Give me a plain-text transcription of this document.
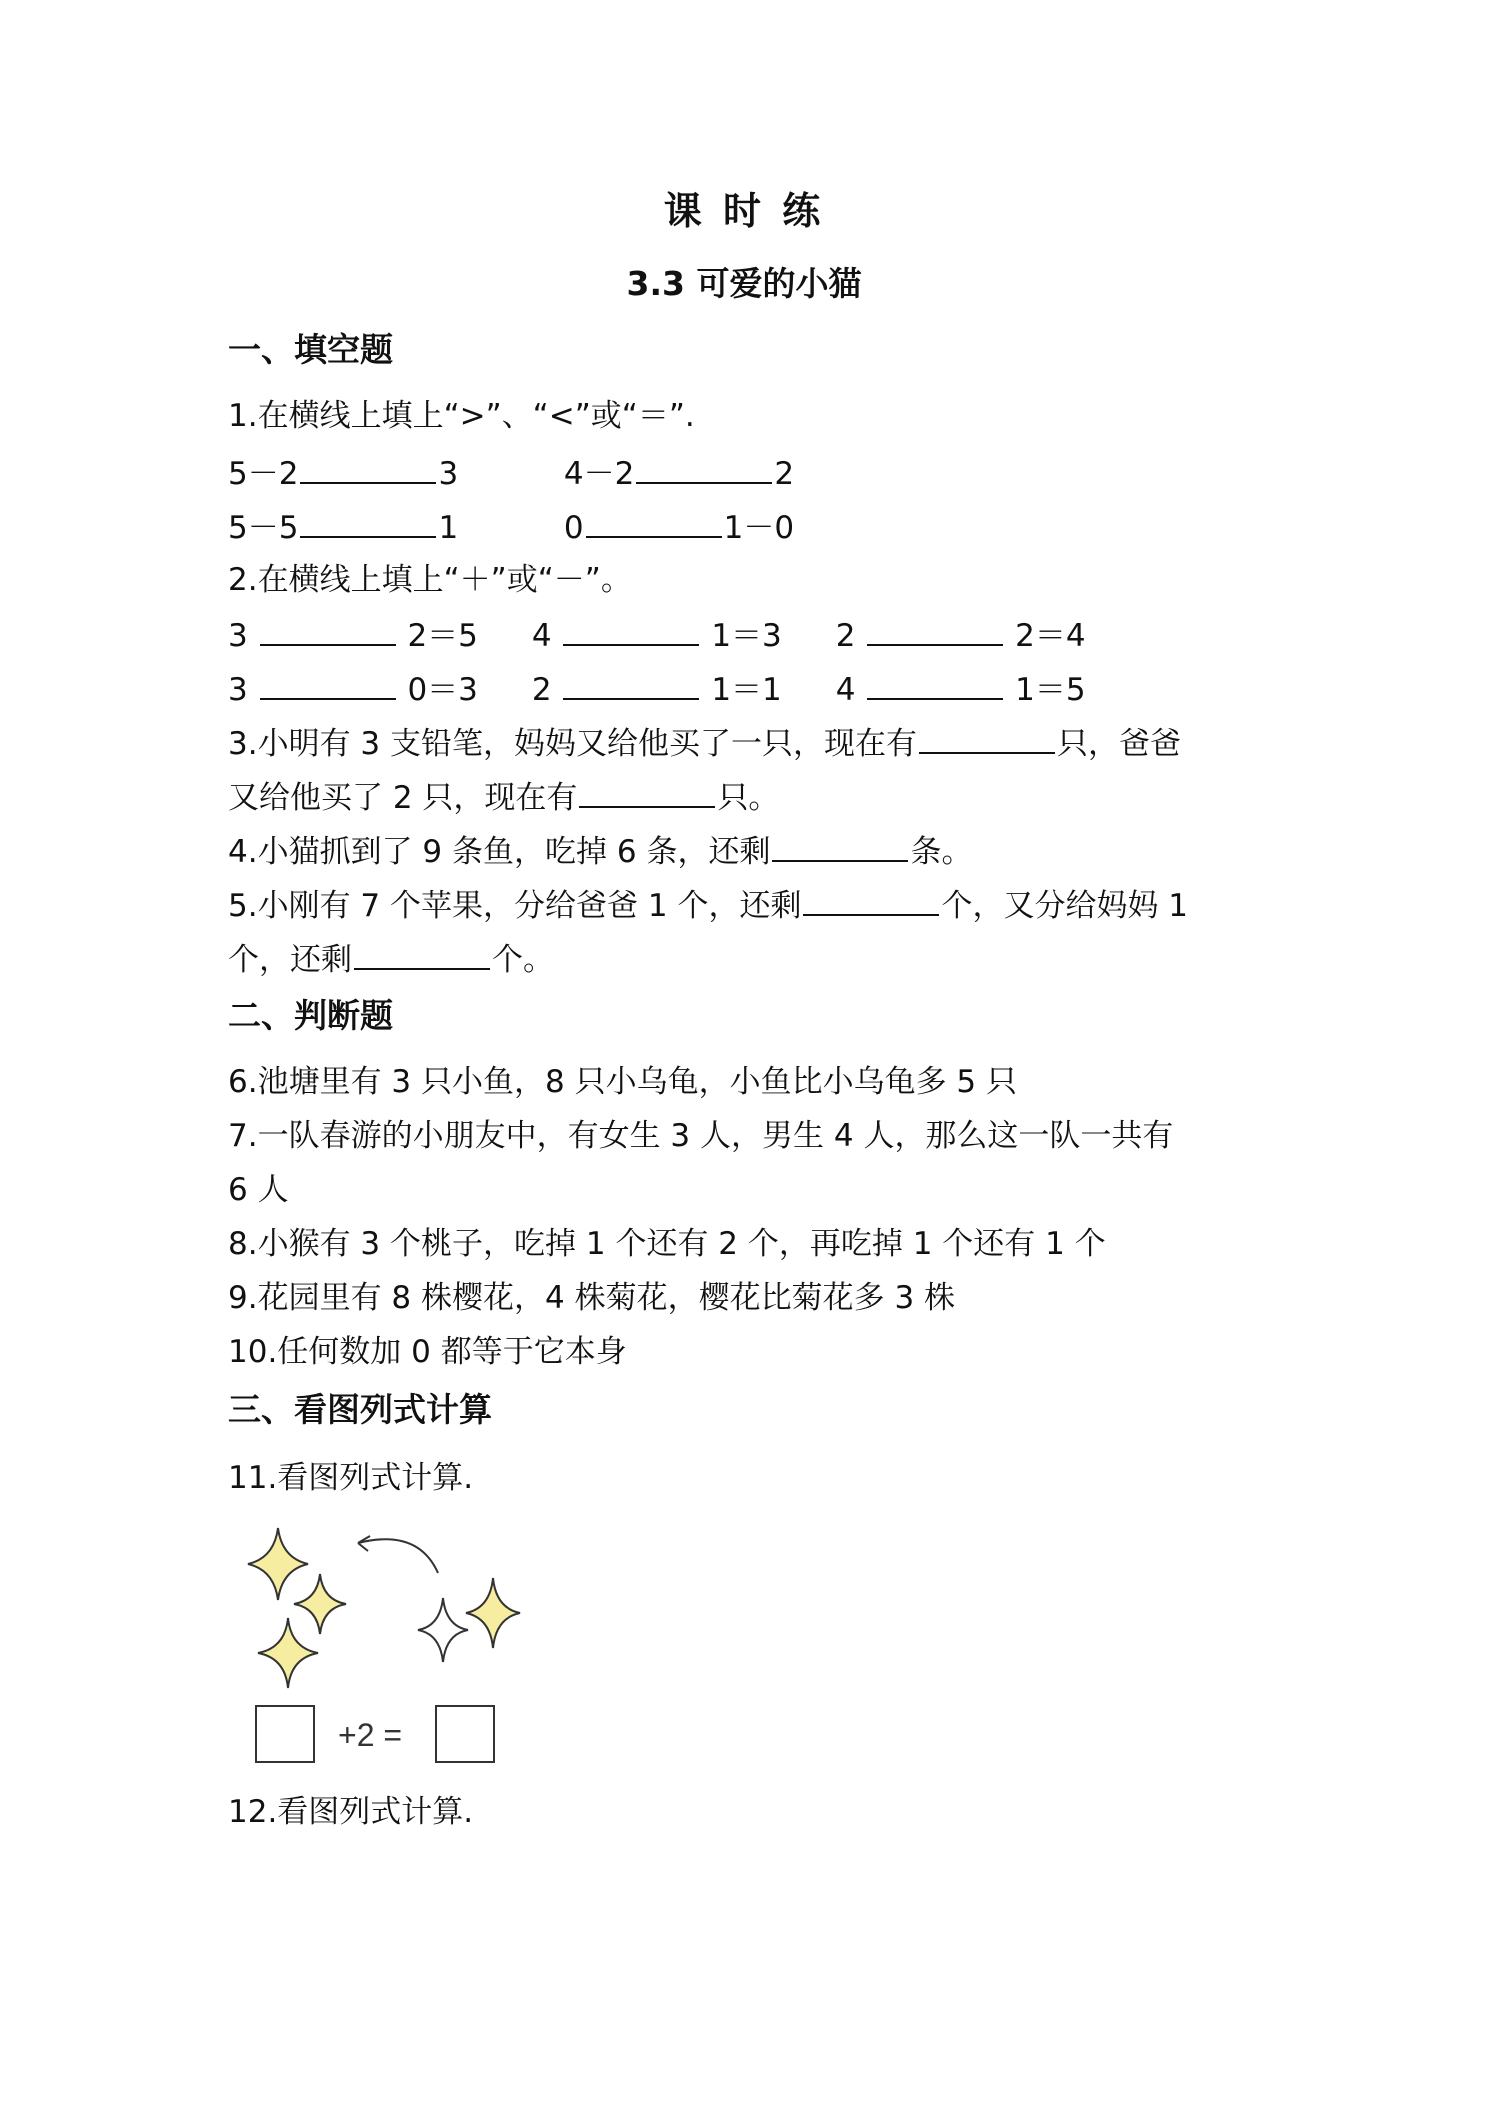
课 时 练
3.3 可爱的小猫
一、填空题
1.在横线上填上“>”、“<”或“＝”.
5－2	3	4－2	2
5－5	1	0	1－0
2.在横线上填上“＋”或“－”。
3	2＝5 4	1＝3 2	2＝4
3	0＝3 2	1＝1 4	1＝5
3.小明有 3 支铅笔，妈妈又给他买了一只，现在有	只，爸爸
又给他买了 2 只，现在有	只。
4.小猫抓到了 9 条鱼，吃掉 6 条，还剩	条。
5.小刚有 7 个苹果，分给爸爸 1 个，还剩	个，又分给妈妈 1
个，还剩	个。
二、判断题
6.池塘里有 3 只小鱼，8 只小乌龟，小鱼比小乌龟多 5 只
7.一队春游的小朋友中，有女生 3 人，男生 4 人，那么这一队一共有
6 人
8.小猴有 3 个桃子，吃掉 1 个还有 2 个，再吃掉 1 个还有 1 个
9.花园里有 8 株樱花，4 株菊花，樱花比菊花多 3 株
10.任何数加 0 都等于它本身
三、看图列式计算
11.看图列式计算.
+2 =
12.看图列式计算.
